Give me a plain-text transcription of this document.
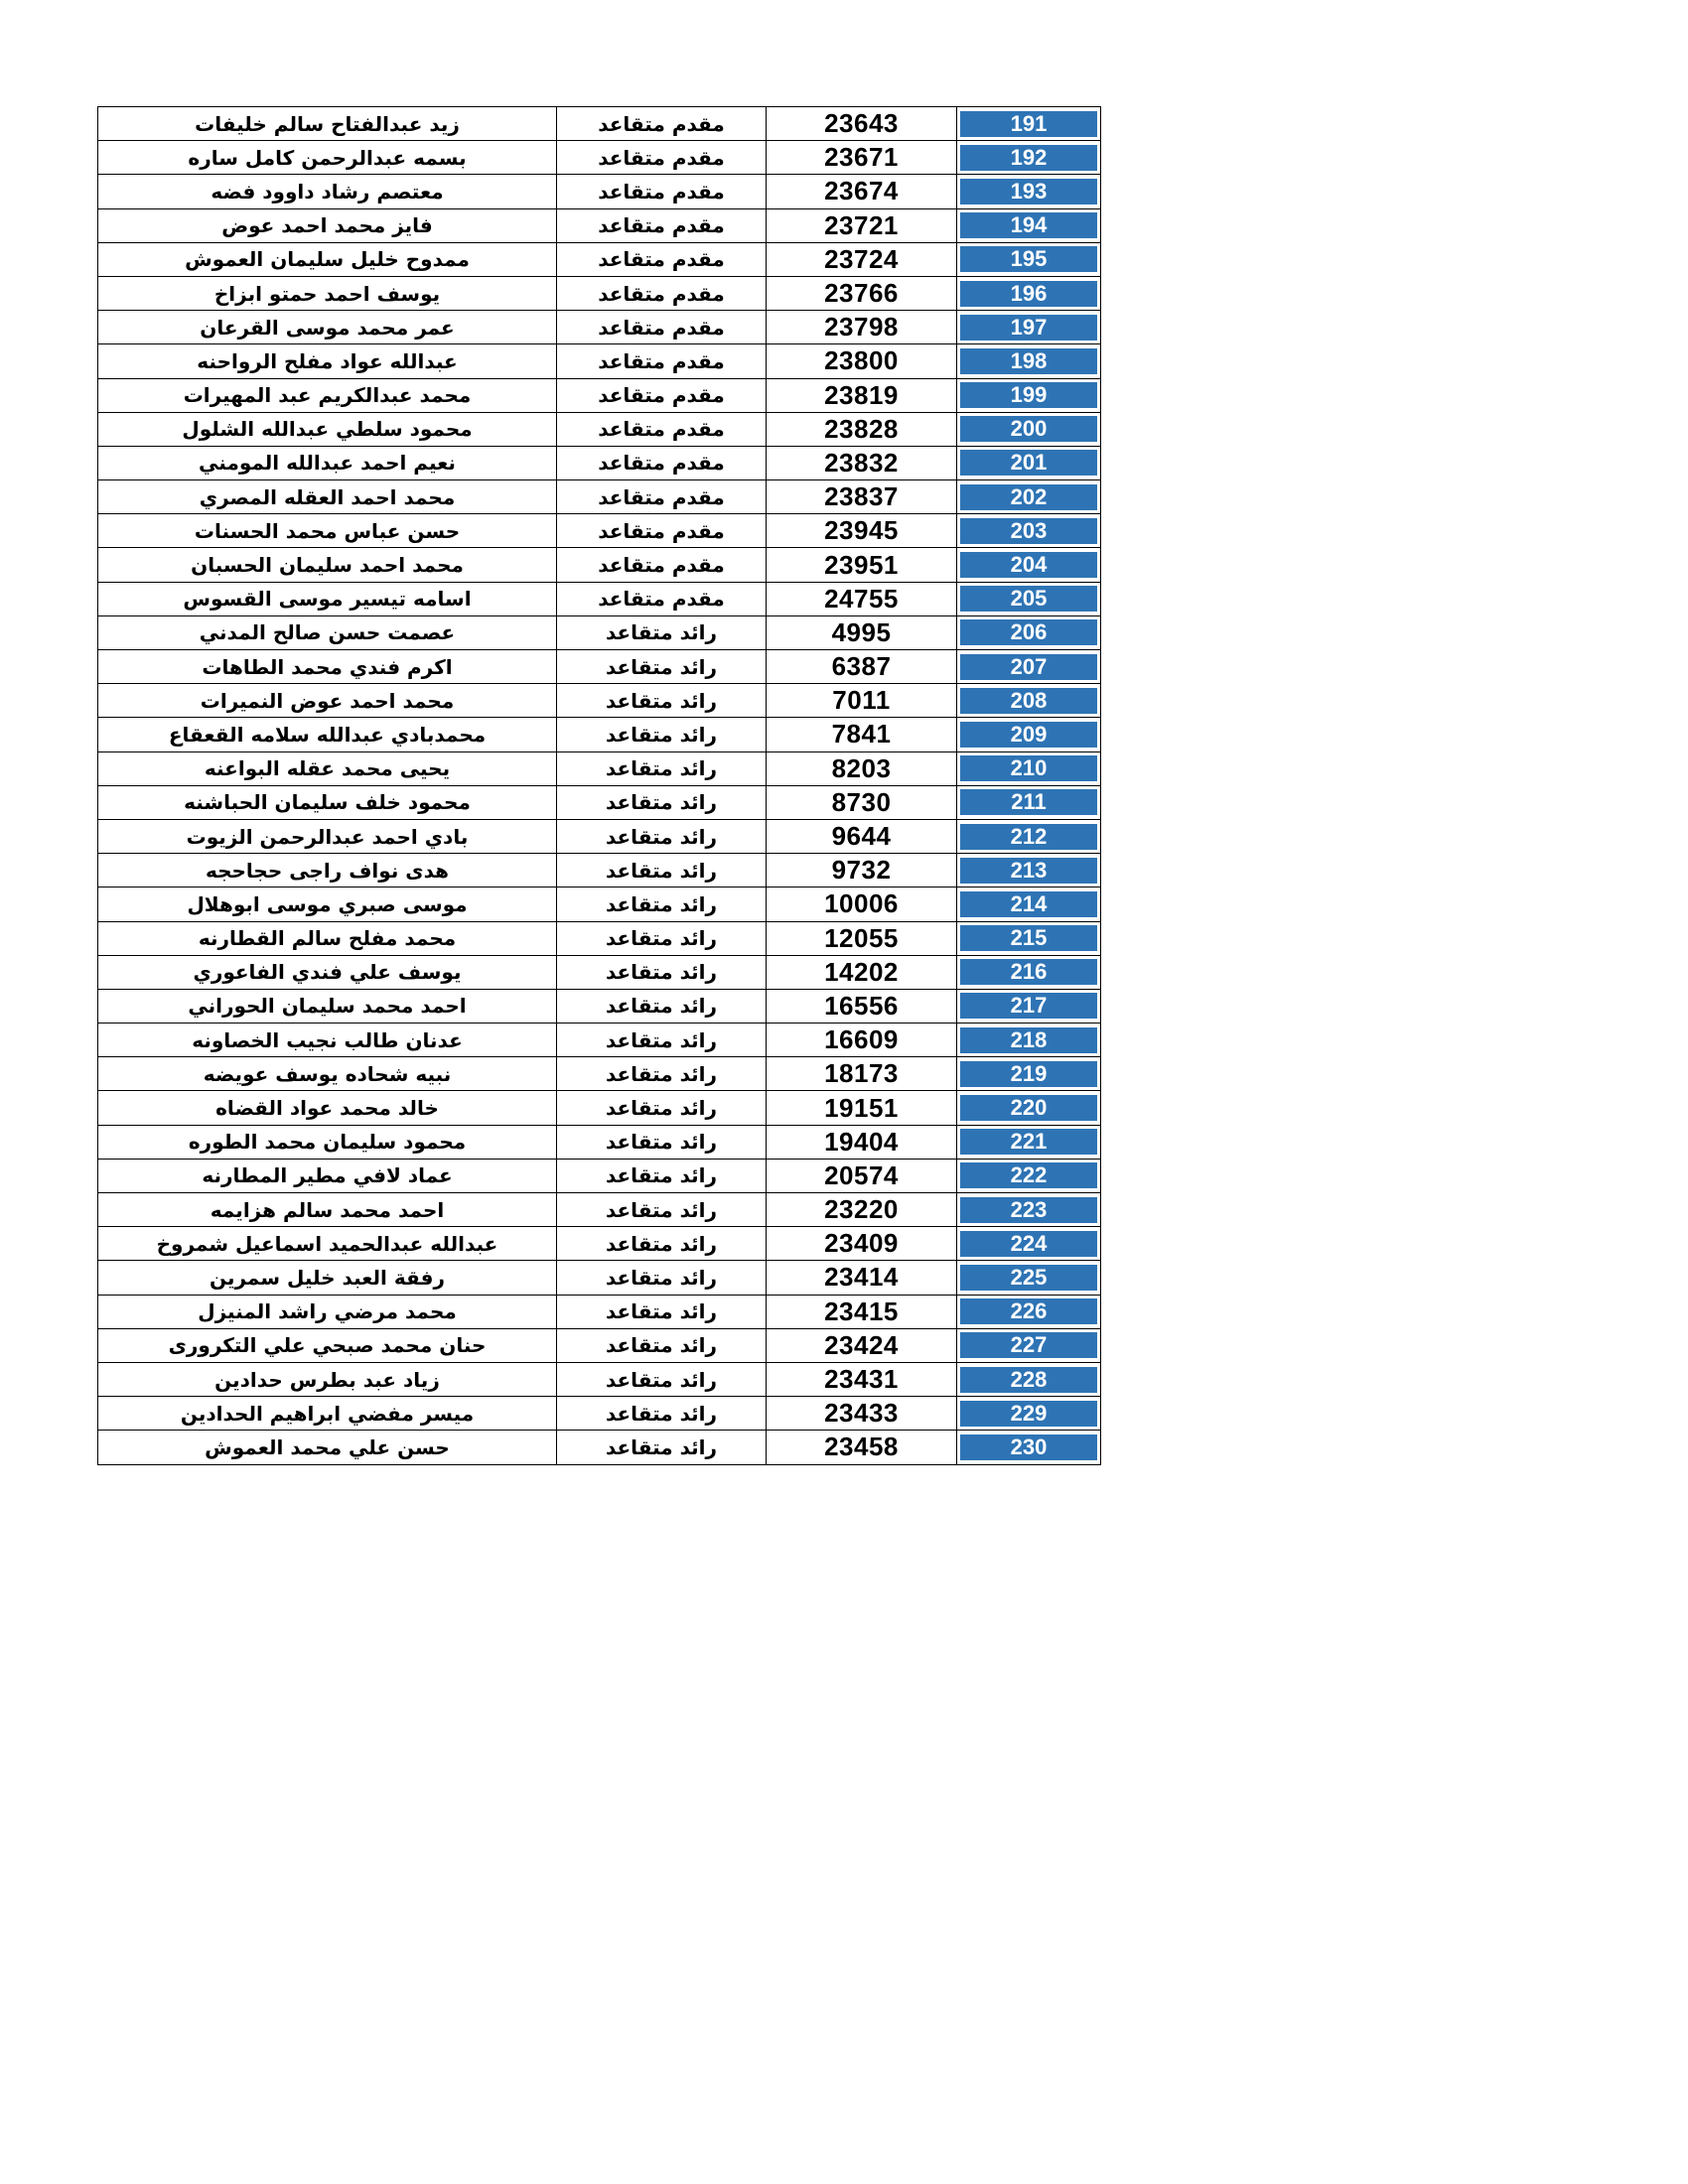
زيد عبدالفتاح سالم خليفات	مقدم متقاعد	23643	191

بسمه عبدالرحمن كامل ساره	مقدم متقاعد	23671	192

معتصم رشاد داوود فضه	مقدم متقاعد	23674	193

فايز محمد احمد عوض	مقدم متقاعد	23721	194

ممدوح خليل سليمان العموش	مقدم متقاعد	23724	195

يوسف احمد حمتو ابزاخ	مقدم متقاعد	23766	196

عمر محمد موسى القرعان	مقدم متقاعد	23798	197

عبدالله عواد مفلح الرواحنه	مقدم متقاعد	23800	198

محمد عبدالكريم عبد المهيرات	مقدم متقاعد	23819	199

محمود سلطي عبدالله الشلول	مقدم متقاعد	23828	200

نعيم احمد عبدالله المومني	مقدم متقاعد	23832	201

محمد احمد العقله المصري	مقدم متقاعد	23837	202

حسن عباس محمد الحسنات	مقدم متقاعد	23945	203

محمد احمد سليمان الحسبان	مقدم متقاعد	23951	204

اسامه تيسير موسى القسوس	مقدم متقاعد	24755	205

عصمت حسن صالح المدني	رائد متقاعد	4995	206

اكرم فندي محمد الطاهات	رائد متقاعد	6387	207

محمد احمد عوض النميرات	رائد متقاعد	7011	208

محمدبادي عبدالله سلامه القعقاع	رائد متقاعد	7841	209

يحيى محمد عقله البواعنه	رائد متقاعد	8203	210

محمود خلف سليمان الحباشنه	رائد متقاعد	8730	211

بادي احمد عبدالرحمن الزيوت	رائد متقاعد	9644	212

هدى نواف راجى حجاحجه	رائد متقاعد	9732	213

موسى صبري موسى ابوهلال	رائد متقاعد	10006	214

محمد مفلح سالم القطارنه	رائد متقاعد	12055	215

يوسف علي فندي الفاعوري	رائد متقاعد	14202	216

احمد محمد سليمان الحوراني	رائد متقاعد	16556	217

عدنان طالب نجيب الخصاونه	رائد متقاعد	16609	218

نبيه شحاده يوسف عويضه	رائد متقاعد	18173	219

خالد محمد عواد القضاه	رائد متقاعد	19151	220

محمود سليمان محمد الطوره	رائد متقاعد	19404	221

عماد لافي مطير المطارنه	رائد متقاعد	20574	222

احمد محمد سالم هزايمه	رائد متقاعد	23220	223

عبدالله عبدالحميد اسماعيل شمروخ	رائد متقاعد	23409	224

رفقة العبد خليل سمرين	رائد متقاعد	23414	225

محمد مرضي راشد المنيزل	رائد متقاعد	23415	226

حنان محمد صبحي علي التكرورى	رائد متقاعد	23424	227

زياد عبد بطرس حدادين	رائد متقاعد	23431	228

ميسر مفضي ابراهيم الحدادين	رائد متقاعد	23433	229

حسن علي محمد العموش	رائد متقاعد	23458	230
